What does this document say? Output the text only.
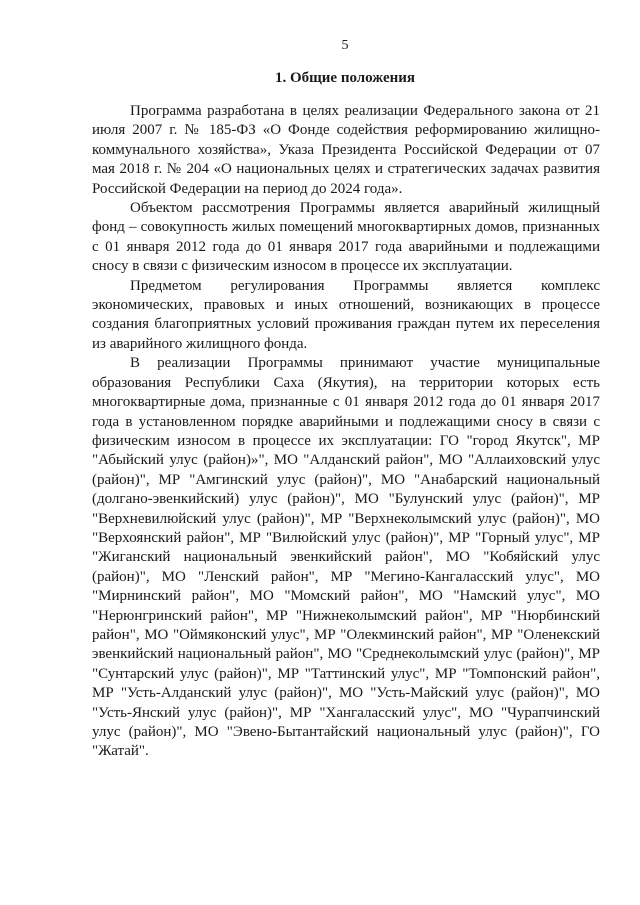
5
1. Общие положения

Программа разработана в целях реализации Федерального закона от 21 июля 2007 г. № 185-ФЗ «О Фонде содействия реформированию жилищно-коммунального хозяйства», Указа Президента Российской Федерации от 07 мая 2018 г. № 204 «О национальных целях и стратегических задачах развития Российской Федерации на период до 2024 года».

Объектом рассмотрения Программы является аварийный жилищный фонд – совокупность жилых помещений многоквартирных домов, признанных с 01 января 2012 года до 01 января 2017 года аварийными и подлежащими сносу в связи с физическим износом в процессе их эксплуатации.

Предметом регулирования Программы является комплекс экономических, правовых и иных отношений, возникающих в процессе создания благоприятных условий проживания граждан путем их переселения из аварийного жилищного фонда.

В реализации Программы принимают участие муниципальные образования Республики Саха (Якутия), на территории которых есть многоквартирные дома, признанные с 01 января 2012 года до 01 января 2017 года в установленном порядке аварийными и подлежащими сносу в связи с физическим износом в процессе их эксплуатации: ГО "город Якутск", МР "Абыйский улус (район)»", МО "Алданский район", МО "Аллаиховский улус (район)", МР "Амгинский улус (район)", МО "Анабарский национальный (долгано-эвенкийский) улус (район)", МО "Булунский улус (район)", МР "Верхневилюйский улус (район)", МР "Верхнеколымский улус (район)", МО "Верхоянский район", МР "Вилюйский улус (район)", МР "Горный улус", МР "Жиганский национальный эвенкийский район", МО "Кобяйский улус (район)", МО "Ленский район", МР "Мегино-Кангаласский улус", МО "Мирнинский район", МО "Момский район", МО "Намский улус", МО "Нерюнгринский район", МР "Нижнеколымский район", МР "Нюрбинский район", МО "Оймяконский улус", МР "Олекминский район", МР "Оленекский эвенкийский национальный район", МО "Среднеколымский улус (район)", МР "Сунтарский улус (район)", МР "Таттинский улус", МР "Томпонский район", МР "Усть-Алданский улус (район)", МО "Усть-Майский улус (район)", МО "Усть-Янский улус (район)", МР "Хангаласский улус", МО "Чурапчинский улус (район)", МО "Эвено-Бытантайский национальный улус (район)", ГО "Жатай".
